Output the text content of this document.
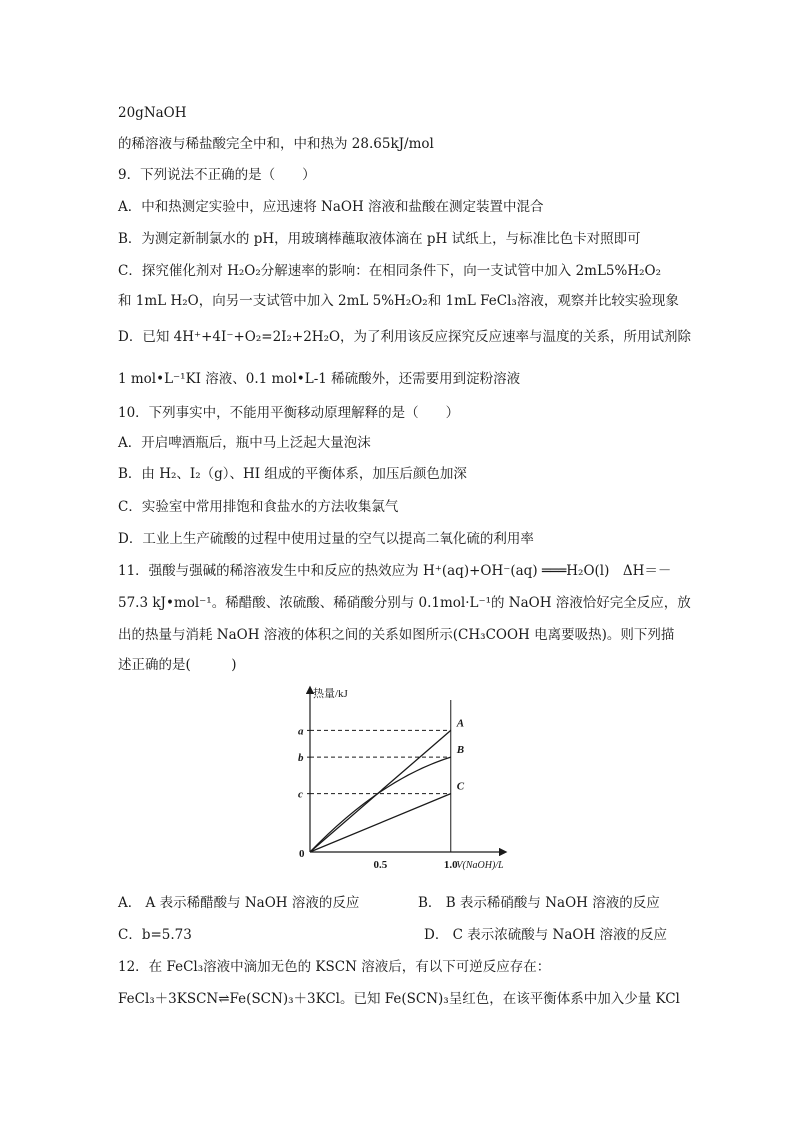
20gNaOH
的稀溶液与稀盐酸完全中和，中和热为 28.65kJ/mol
9．下列说法不正确的是（　　）
A．中和热测定实验中，应迅速将 NaOH 溶液和盐酸在测定装置中混合
B．为测定新制氯水的 pH，用玻璃棒蘸取液体滴在 pH 试纸上，与标准比色卡对照即可
C．探究催化剂对 H₂O₂分解速率的影响：在相同条件下，向一支试管中加入 2mL5%H₂O₂
和 1mL H₂O，向另一支试管中加入 2mL 5%H₂O₂和 1mL FeCl₃溶液，观察并比较实验现象
D．已知 4H⁺+4I⁻+O₂=2I₂+2H₂O，为了利用该反应探究反应速率与温度的关系，所用试剂除
1 mol•L⁻¹KI 溶液、0.1 mol•L-1 稀硫酸外，还需要用到淀粉溶液
10．下列事实中，不能用平衡移动原理解释的是（　　）
A．开启啤酒瓶后，瓶中马上泛起大量泡沫
B．由 H₂、I₂（g）、HI 组成的平衡体系，加压后颜色加深
C．实验室中常用排饱和食盐水的方法收集氯气
D．工业上生产硫酸的过程中使用过量的空气以提高二氧化硫的利用率
11．强酸与强碱的稀溶液发生中和反应的热效应为 H⁺(aq)+OH⁻(aq) ═══H₂O(l)　ΔH＝－
57.3 kJ•mol⁻¹。稀醋酸、浓硫酸、稀硝酸分别与 0.1mol·L⁻¹的 NaOH 溶液恰好完全反应，放
出的热量与消耗 NaOH 溶液的体积之间的关系如图所示(CH₃COOH 电离要吸热)。则下列描
述正确的是(　　　)
热量/kJ
V(NaOH)/L
0
0.5	1.0
a
b
c
A
B
C
A． A 表示稀醋酸与 NaOH 溶液的反应	B． B 表示稀硝酸与 NaOH 溶液的反应
C．b=5.73	D． C 表示浓硫酸与 NaOH 溶液的反应
12．在 FeCl₃溶液中滴加无色的 KSCN 溶液后，有以下可逆反应存在：
FeCl₃＋3KSCN⇌Fe(SCN)₃＋3KCl。已知 Fe(SCN)₃呈红色，在该平衡体系中加入少量 KCl
